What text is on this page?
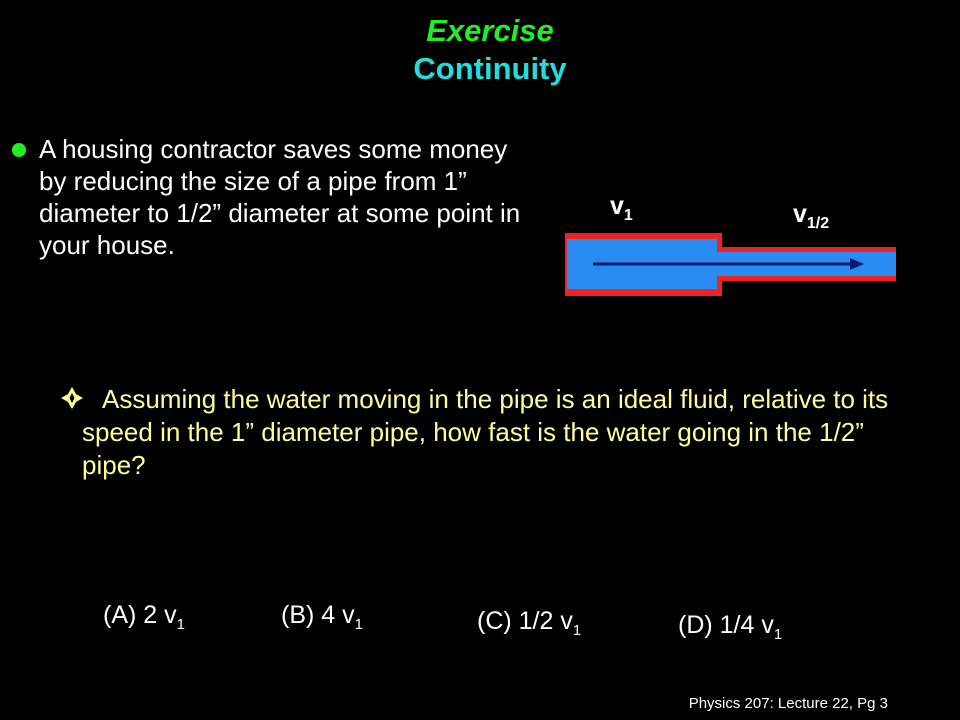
Exercise
Continuity
A housing contractor saves some money by reducing the size of a pipe from 1” diameter to 1/2” diameter at some point in your house.
$v_1$	$v_{1/2}$
Assuming the water moving in the pipe is an ideal fluid, relative to its speed in the 1” diameter pipe, how fast is the water going in the 1/2” pipe?
(A) 2 $v_1$	(B) 4 $v_1$	(C) 1/2 $v_1$	(D) 1/4 $v_1$
Physics 207: Lecture 22, Pg 3
